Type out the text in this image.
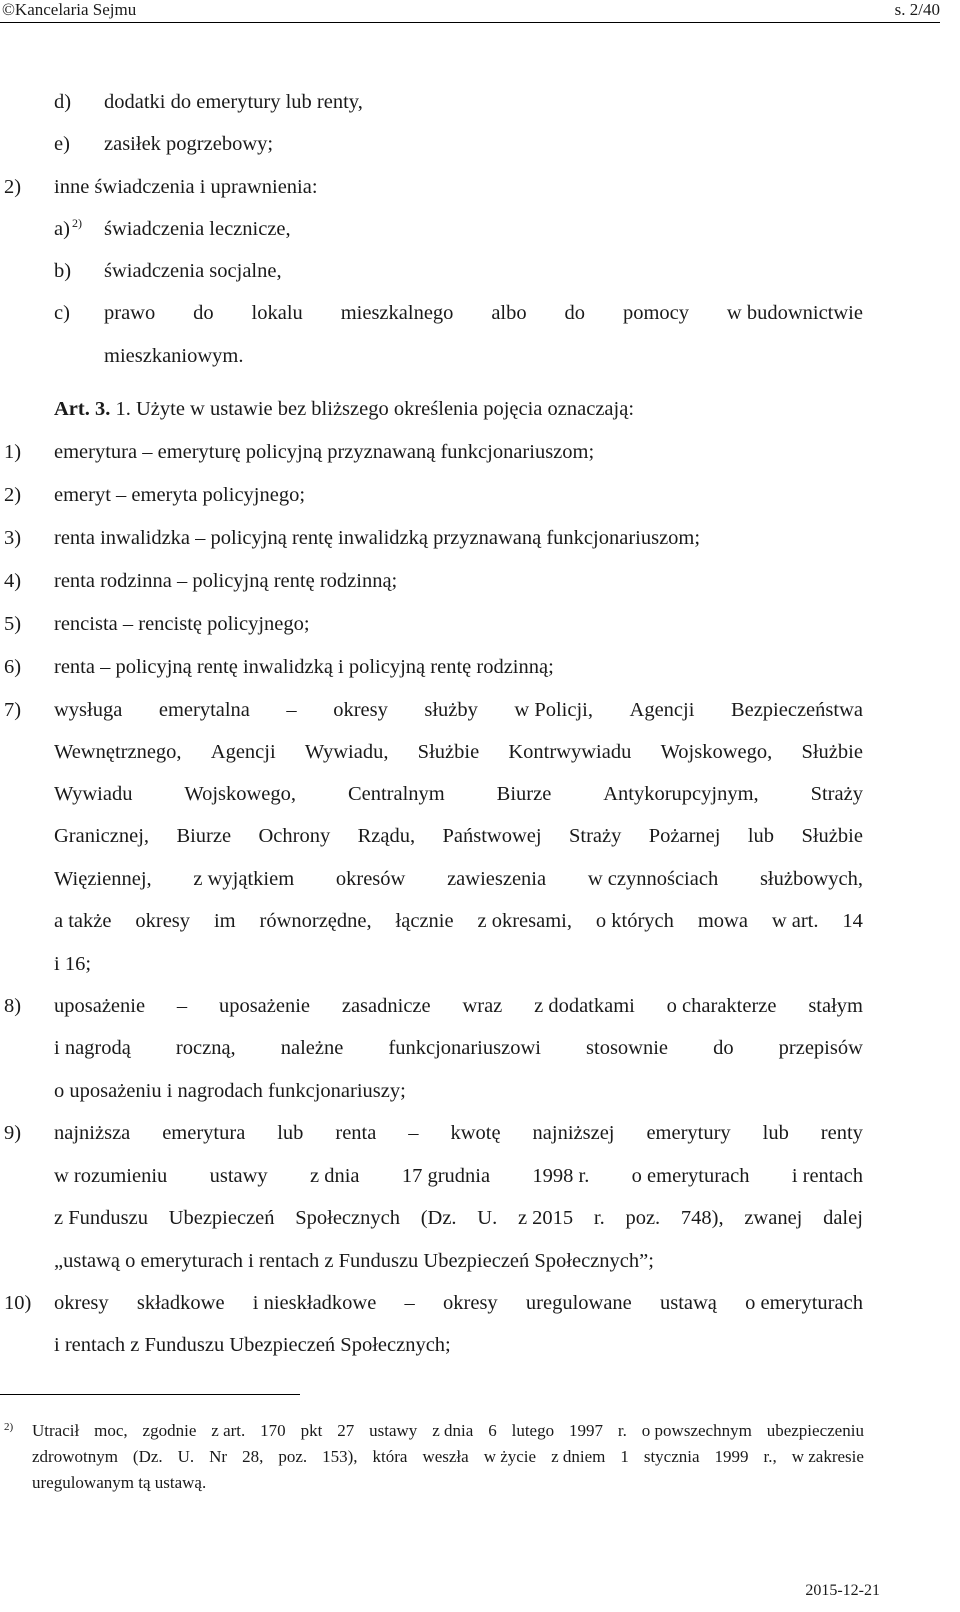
©Kancelaria Sejmu	s. 2/40
d) dodatki do emerytury lub renty,
e) zasiłek pogrzebowy;
2) inne świadczenia i uprawnienia:
a) $^{2)}$ świadczenia lecznicze,
b) świadczenia socjalne,
c) prawo do lokalu mieszkalnego albo do pomocy w budownictwie
mieszkaniowym.
Art. 3. 1. Użyte w ustawie bez bliższego określenia pojęcia oznaczają:
1) emerytura – emeryturę policyjną przyznawaną funkcjonariuszom;
2) emeryt – emeryta policyjnego;
3) renta inwalidzka – policyjną rentę inwalidzką przyznawaną funkcjonariuszom;
4) renta rodzinna – policyjną rentę rodzinną;
5) rencista – rencistę policyjnego;
6) renta – policyjną rentę inwalidzką i policyjną rentę rodzinną;
7) wysługa emerytalna – okresy służby w Policji, Agencji Bezpieczeństwa
Wewnętrznego, Agencji Wywiadu, Służbie Kontrwywiadu Wojskowego, Służbie
Wywiadu	Wojskowego,	Centralnym	Biurze	Antykorupcyjnym,	Straży
Granicznej, Biurze Ochrony Rządu, Państwowej Straży Pożarnej lub Służbie
Więziennej, z wyjątkiem okresów zawieszenia w czynnościach służbowych,
a także okresy im równorzędne, łącznie z okresami, o których mowa w art. 14
i 16;
8) uposażenie – uposażenie zasadnicze wraz z dodatkami o charakterze stałym
i nagrodą roczną, należne funkcjonariuszowi stosownie do przepisów
o uposażeniu i nagrodach funkcjonariuszy;
9) najniższa emerytura lub renta – kwotę najniższej emerytury lub renty
w rozumieniu ustawy z dnia 17 grudnia 1998 r. o emeryturach i rentach
z Funduszu Ubezpieczeń Społecznych (Dz. U. z 2015 r. poz. 748), zwanej dalej
„ustawą o emeryturach i rentach z Funduszu Ubezpieczeń Społecznych”;
10) okresy składkowe i nieskładkowe – okresy uregulowane ustawą o emeryturach
i rentach z Funduszu Ubezpieczeń Społecznych;
2) Utracił moc, zgodnie z art. 170 pkt 27 ustawy z dnia 6 lutego 1997 r. o powszechnym ubezpieczeniu
zdrowotnym (Dz. U. Nr 28, poz. 153), która weszła w życie z dniem 1 stycznia 1999 r., w zakresie
uregulowanym tą ustawą.
2015-12-21
